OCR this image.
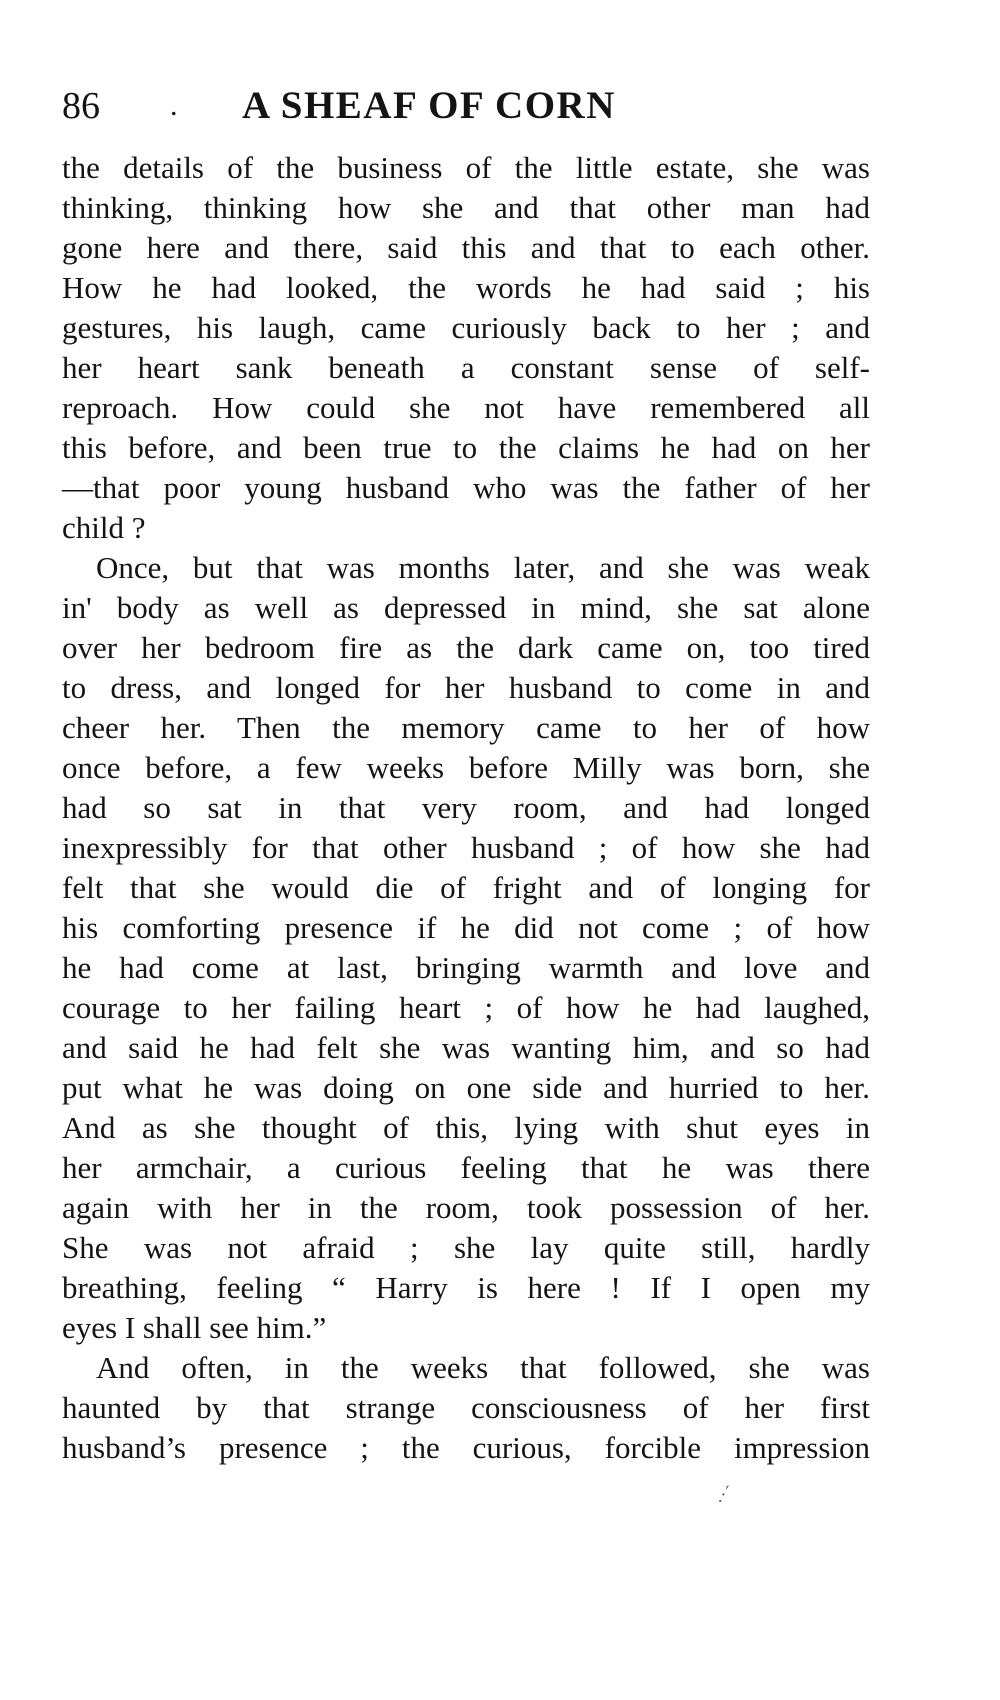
86 . A SHEAF OF CORN
the details of the business of the little estate, she was
thinking, thinking how she and that other man had
gone here and there, said this and that to each other.
How he had looked, the words he had said ; his
gestures, his laugh, came curiously back to her ; and
her heart sank beneath a constant sense of self-
reproach. How could she not have remembered all
this before, and been true to the claims he had on her
—that poor young husband who was the father of her
child ?
Once, but that was months later, and she was weak
in' body as well as depressed in mind, she sat alone
over her bedroom fire as the dark came on, too tired
to dress, and longed for her husband to come in and
cheer her. Then the memory came to her of how
once before, a few weeks before Milly was born, she
had so sat in that very room, and had longed
inexpressibly for that other husband ; of how she had
felt that she would die of fright and of longing for
his comforting presence if he did not come ; of how
he had come at last, bringing warmth and love and
courage to her failing heart ; of how he had laughed,
and said he had felt she was wanting him, and so had
put what he was doing on one side and hurried to her.
And as she thought of this, lying with shut eyes in
her armchair, a curious feeling that he was there
again with her in the room, took possession of her.
She was not afraid ; she lay quite still, hardly
breathing, feeling “ Harry is here ! If I open my
eyes I shall see him.”
And often, in the weeks that followed, she was
haunted by that strange consciousness of her first
husband’s presence ; the curious, forcible impression
.·´
